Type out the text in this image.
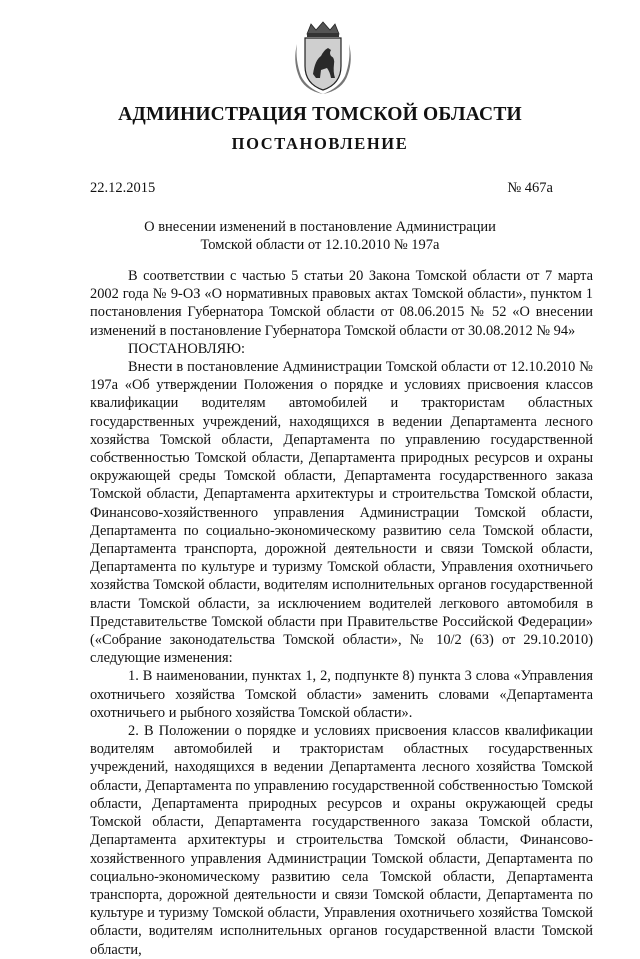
АДМИНИСТРАЦИЯ ТОМСКОЙ ОБЛАСТИ
ПОСТАНОВЛЕНИЕ
22.12.2015	№ 467а
О внесении изменений в постановление Администрации
Томской области от 12.10.2010 № 197а

В соответствии с частью 5 статьи 20 Закона Томской области от 7 марта 2002 года № 9-ОЗ «О нормативных правовых актах Томской области», пунктом 1 постановления Губернатора Томской области от 08.06.2015 № 52 «О внесении изменений в постановление Губернатора Томской области от 30.08.2012 № 94»

ПОСТАНОВЛЯЮ:

Внести в постановление Администрации Томской области от 12.10.2010 № 197а «Об утверждении Положения о порядке и условиях присвоения классов квалификации водителям автомобилей и трактористам областных государственных учреждений, находящихся в ведении Департамента лесного хозяйства Томской области, Департамента по управлению государственной собственностью Томской области, Департамента природных ресурсов и охраны окружающей среды Томской области, Департамента государственного заказа Томской области, Департамента архитектуры и строительства Томской области, Финансово-хозяйственного управления Администрации Томской области, Департамента по социально-экономическому развитию села Томской области, Департамента транспорта, дорожной деятельности и связи Томской области, Департамента по культуре и туризму Томской области, Управления охотничьего хозяйства Томской области, водителям исполнительных органов государственной власти Томской области, за исключением водителей легкового автомобиля в Представительстве Томской области при Правительстве Российской Федерации» («Собрание законодательства Томской области», № 10/2 (63) от 29.10.2010) следующие изменения:

1. В наименовании, пунктах 1, 2, подпункте 8) пункта 3 слова «Управления охотничьего хозяйства Томской области» заменить словами «Департамента охотничьего и рыбного хозяйства Томской области».

2. В Положении о порядке и условиях присвоения классов квалификации водителям автомобилей и трактористам областных государственных учреждений, находящихся в ведении Департамента лесного хозяйства Томской области, Департамента по управлению государственной собственностью Томской области, Департамента природных ресурсов и охраны окружающей среды Томской области, Департамента государственного заказа Томской области, Департамента архитектуры и строительства Томской области, Финансово-хозяйственного управления Администрации Томской области, Департамента по социально-экономическому развитию села Томской области, Департамента транспорта, дорожной деятельности и связи Томской области, Департамента по культуре и туризму Томской области, Управления охотничьего хозяйства Томской области, водителям исполнительных органов государственной власти Томской области,
